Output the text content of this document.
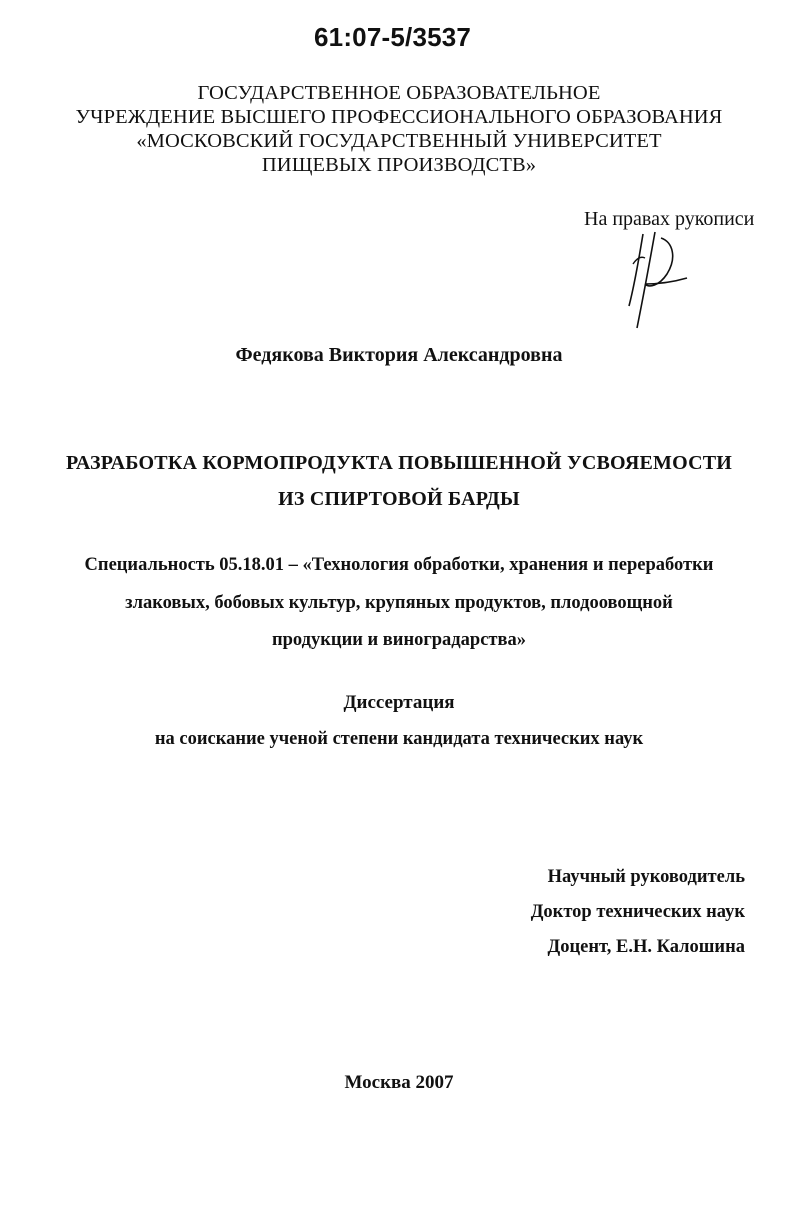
61:07-5/3537
ГОСУДАРСТВЕННОЕ ОБРАЗОВАТЕЛЬНОЕ
УЧРЕЖДЕНИЕ ВЫСШЕГО ПРОФЕССИОНАЛЬНОГО ОБРАЗОВАНИЯ
«МОСКОВСКИЙ ГОСУДАРСТВЕННЫЙ УНИВЕРСИТЕТ
ПИЩЕВЫХ ПРОИЗВОДСТВ»
На правах рукописи
Федякова Виктория Александровна
РАЗРАБОТКА КОРМОПРОДУКТА ПОВЫШЕННОЙ УСВОЯЕМОСТИ
ИЗ СПИРТОВОЙ БАРДЫ
Специальность 05.18.01 – «Технология обработки, хранения и переработки
злаковых, бобовых культур, крупяных продуктов, плодоовощной
продукции и виноградарства»
Диссертация
на соискание ученой степени кандидата технических наук
Научный руководитель
Доктор технических наук
Доцент, Е.Н. Калошина
Москва 2007
